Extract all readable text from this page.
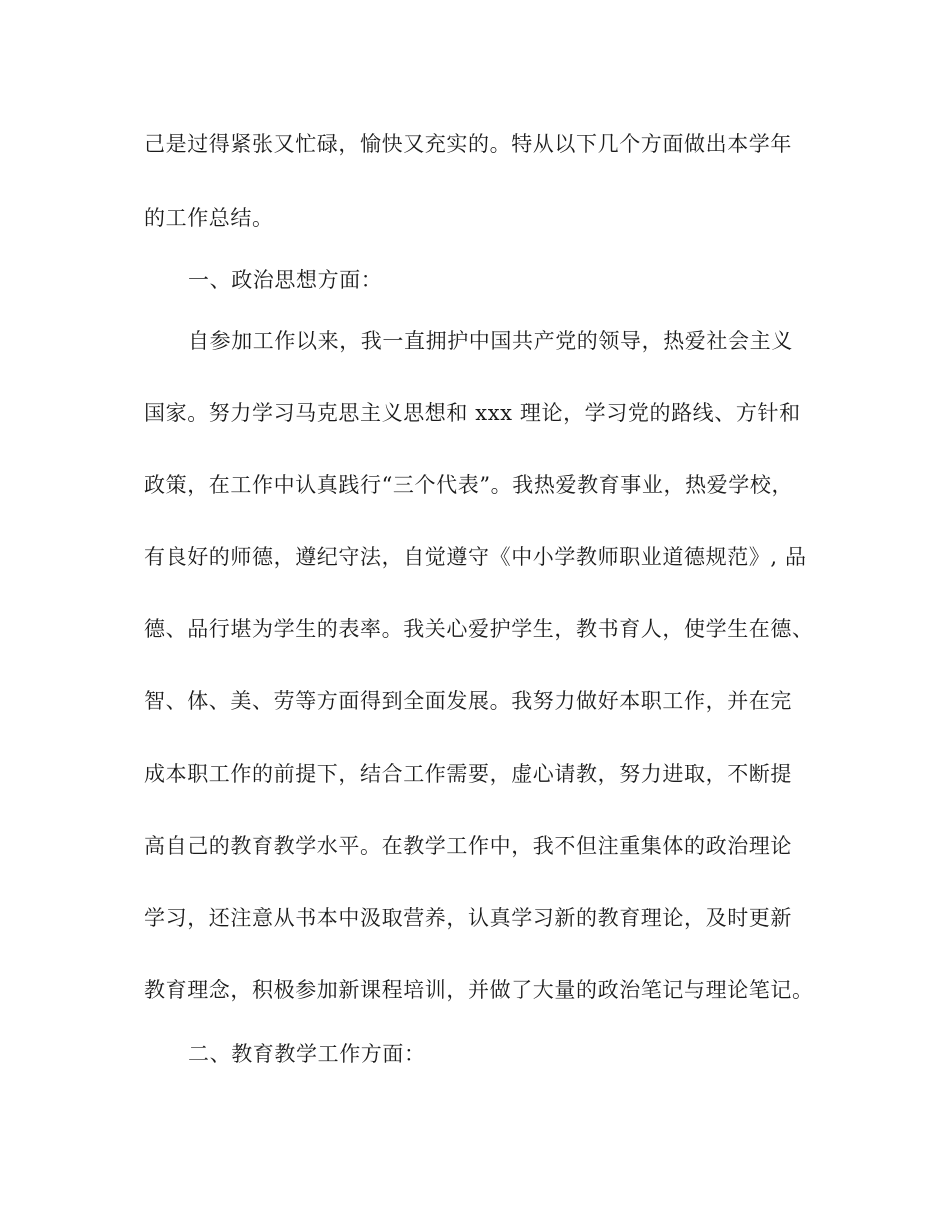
己是过得紧张又忙碌，愉快又充实的。特从以下几个方面做出本学年
的工作总结。
一、政治思想方面：
自参加工作以来，我一直拥护中国共产党的领导，热爱社会主义
国家。努力学习马克思主义思想和 xxx 理论，学习党的路线、方针和
政策，在工作中认真践行“三个代表”。我热爱教育事业，热爱学校，
有良好的师德，遵纪守法，自觉遵守《中小学教师职业道德规范》, 品
德、品行堪为学生的表率。我关心爱护学生，教书育人，使学生在德、
智、体、美、劳等方面得到全面发展。我努力做好本职工作，并在完
成本职工作的前提下，结合工作需要，虚心请教，努力进取，不断提
高自己的教育教学水平。在教学工作中，我不但注重集体的政治理论
学习，还注意从书本中汲取营养，认真学习新的教育理论，及时更新
教育理念，积极参加新课程培训，并做了大量的政治笔记与理论笔记。
二、教育教学工作方面：
